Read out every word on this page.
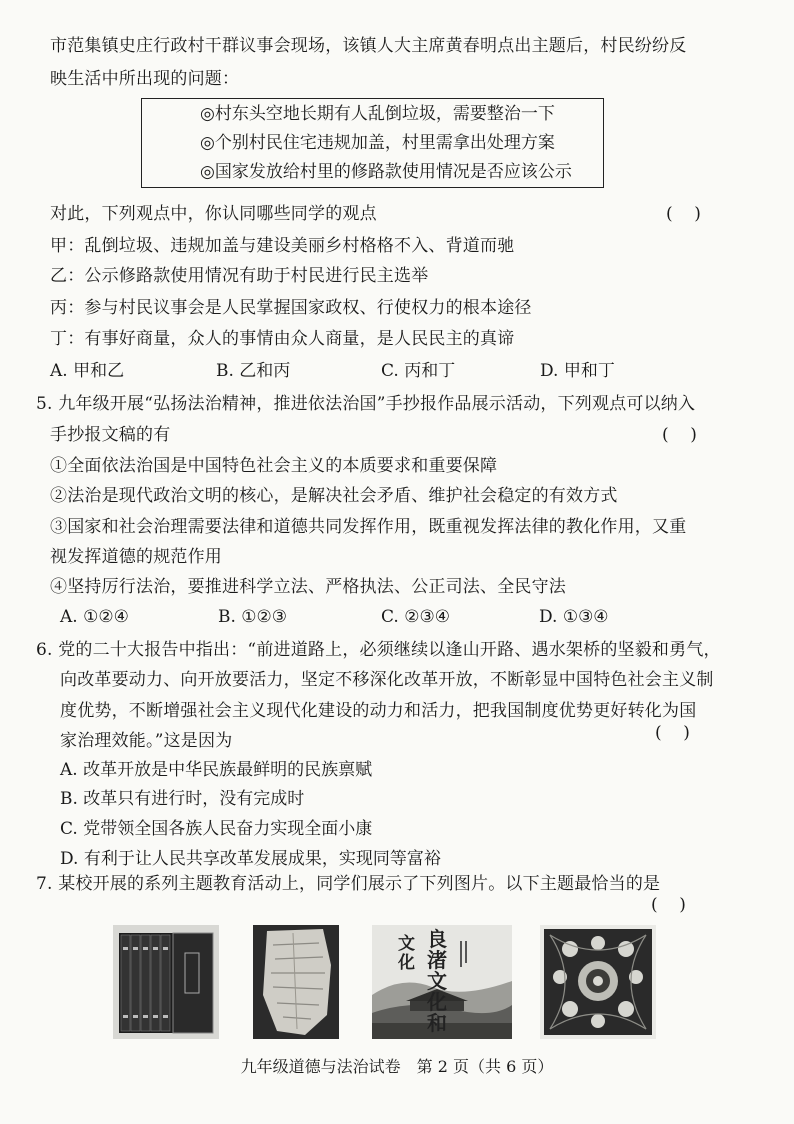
市范集镇史庄行政村干群议事会现场，该镇人大主席黄春明点出主题后，村民纷纷反
映生活中所出现的问题：
◎村东头空地长期有人乱倒垃圾，需要整治一下
◎个别村民住宅违规加盖，村里需拿出处理方案
◎国家发放给村里的修路款使用情况是否应该公示
对此，下列观点中，你认同哪些同学的观点	(    )
甲：乱倒垃圾、违规加盖与建设美丽乡村格格不入、背道而驰
乙：公示修路款使用情况有助于村民进行民主选举
丙：参与村民议事会是人民掌握国家政权、行使权力的根本途径
丁：有事好商量，众人的事情由众人商量，是人民民主的真谛
A. 甲和乙	B. 乙和丙	C. 丙和丁	D. 甲和丁
5. 九年级开展“弘扬法治精神，推进依法治国”手抄报作品展示活动，下列观点可以纳入
手抄报文稿的有	(    )
①全面依法治国是中国特色社会主义的本质要求和重要保障
②法治是现代政治文明的核心，是解决社会矛盾、维护社会稳定的有效方式
③国家和社会治理需要法律和道德共同发挥作用，既重视发挥法律的教化作用，又重
视发挥道德的规范作用
④坚持厉行法治，要推进科学立法、严格执法、公正司法、全民守法
A. ①②④	B. ①②③	C. ②③④	D. ①③④
6. 党的二十大报告中指出：“前进道路上，必须继续以逢山开路、遇水架桥的坚毅和勇气，
向改革要动力、向开放要活力，坚定不移深化改革开放，不断彰显中国特色社会主义制
度优势，不断增强社会主义现代化建设的动力和活力，把我国制度优势更好转化为国
家治理效能。”这是因为	(    )
A. 改革开放是中华民族最鲜明的民族禀赋
B. 改革只有进行时，没有完成时
C. 党带领全国各族人民奋力实现全面小康
D. 有利于让人民共享改革发展成果，实现同等富裕
7. 某校开展的系列主题教育活动上，同学们展示了下列图片。以下主题最恰当的是
(    )
文化
良渚文化和
九年级道德与法治试卷　第 2 页（共 6 页）
